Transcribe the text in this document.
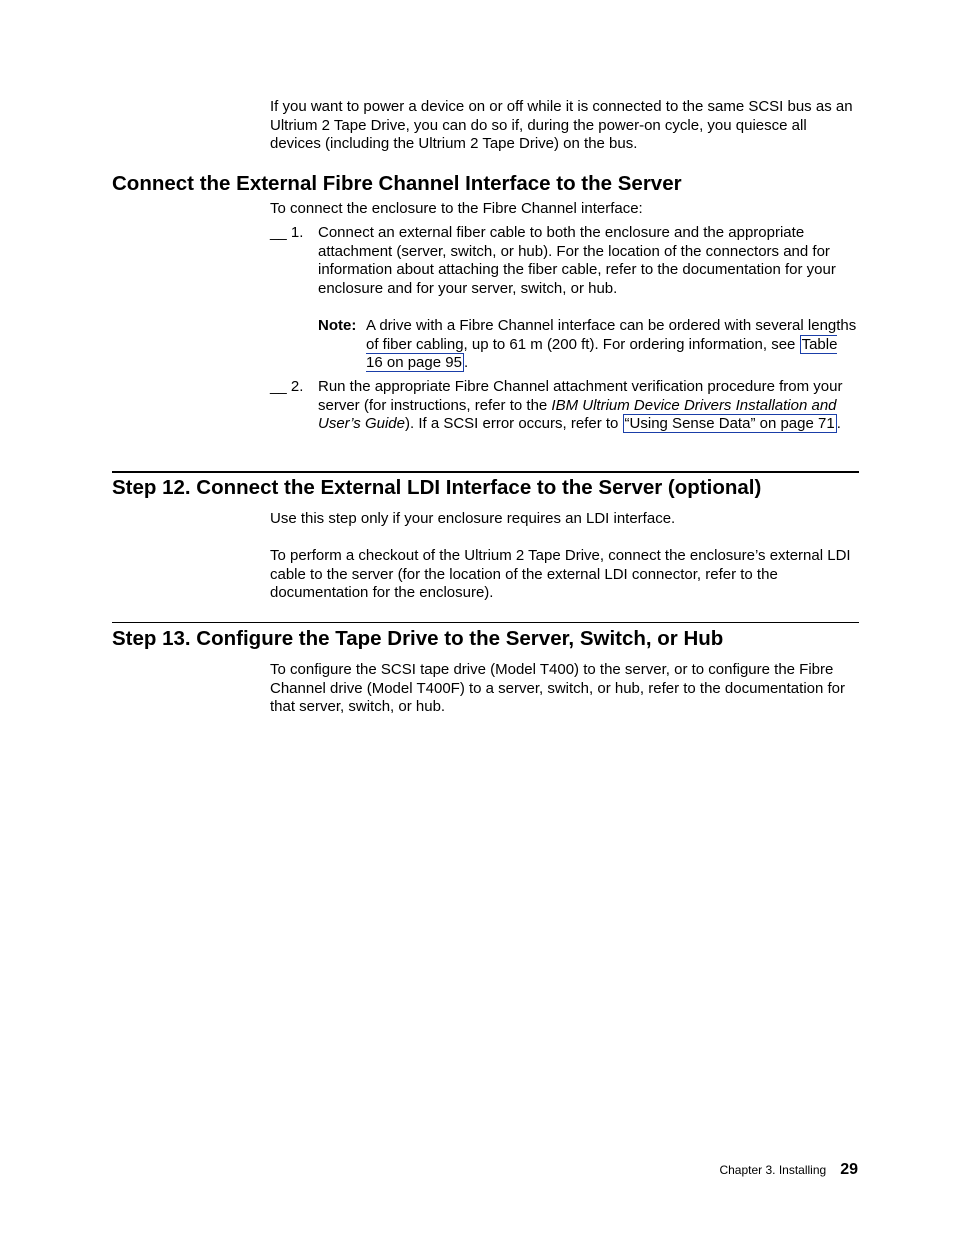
If you want to power a device on or off while it is connected to the same SCSI bus as an Ultrium 2 Tape Drive, you can do so if, during the power-on cycle, you quiesce all devices (including the Ultrium 2 Tape Drive) on the bus.

Connect the External Fibre Channel Interface to the Server

To connect the enclosure to the Fibre Channel interface:

__ 1. Connect an external fiber cable to both the enclosure and the appropriate attachment (server, switch, or hub). For the location of the connectors and for information about attaching the fiber cable, refer to the documentation for your enclosure and for your server, switch, or hub.
Note: A drive with a Fibre Channel interface can be ordered with several lengths of fiber cabling, up to 61 m (200 ft). For ordering information, see Table 16 on page 95 .
__ 2. Run the appropriate Fibre Channel attachment verification procedure from your server (for instructions, refer to the IBM Ultrium Device Drivers Installation and User’s Guide). If a SCSI error occurs, refer to “Using Sense Data” on page 71 .
Step 12. Connect the External LDI Interface to the Server (optional)

Use this step only if your enclosure requires an LDI interface.

To perform a checkout of the Ultrium 2 Tape Drive, connect the enclosure’s external LDI cable to the server (for the location of the external LDI connector, refer to the documentation for the enclosure).

Step 13. Configure the Tape Drive to the Server, Switch, or Hub

To configure the SCSI tape drive (Model T400) to the server, or to configure the Fibre Channel drive (Model T400F) to a server, switch, or hub, refer to the documentation for that server, switch, or hub.

Chapter 3. Installing 29
